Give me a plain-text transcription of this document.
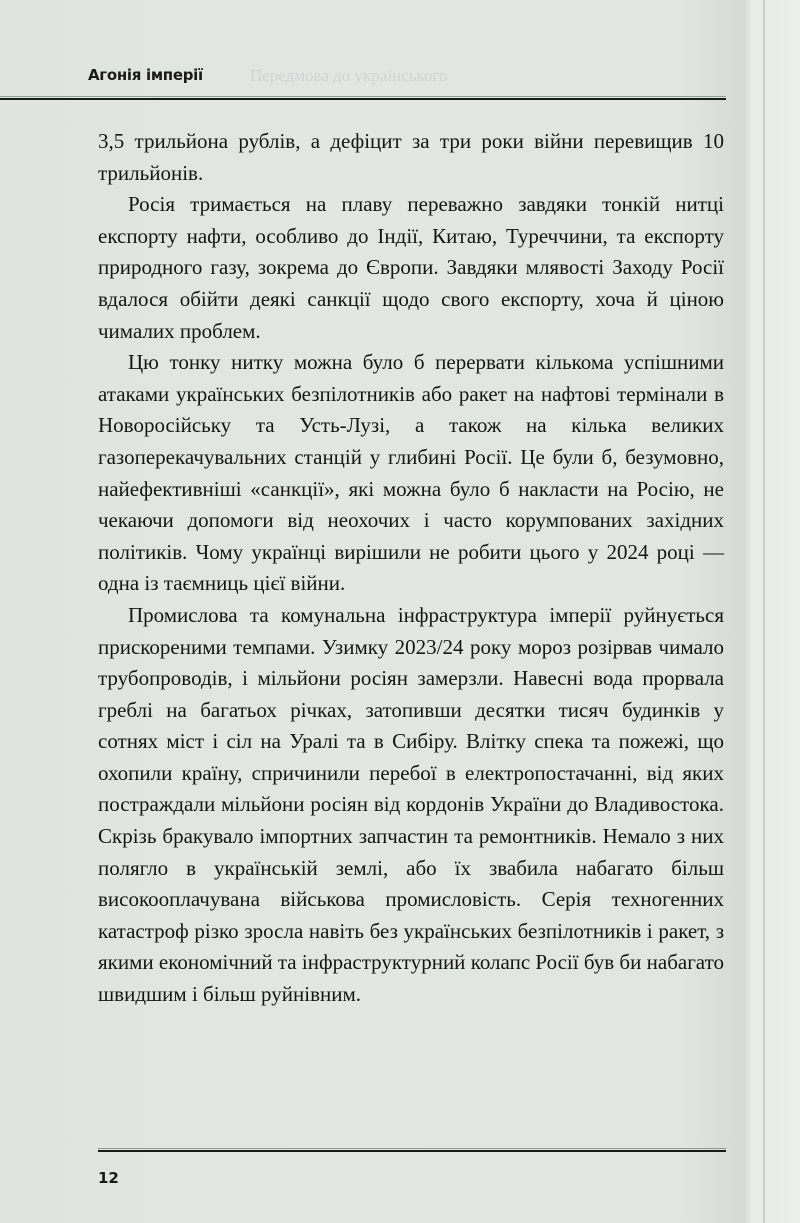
Передмова до українського
Агонія імперії

3,5 трильйона рублів, а дефіцит за три роки війни перевищив 10 трильйонів.

Росія тримається на плаву переважно завдяки тонкій нитці експорту нафти, особливо до Індії, Китаю, Туреччини, та експорту природного газу, зокрема до Європи. Завдяки млявості Заходу Росії вдалося обійти деякі санкції щодо свого експорту, хоча й ціною чималих проблем.

Цю тонку нитку можна було б перервати кількома успішними атаками українських безпілотників або ракет на нафтові термінали в Новоросійську та Усть-Лузі, а також на кілька великих газоперекачувальних станцій у глибині Росії. Це були б, безумовно, найефективніші «санкції», які можна було б накласти на Росію, не чекаючи допомоги від неохочих і часто корумпованих західних політиків. Чому українці вирішили не робити цього у 2024 році — одна із таємниць цієї війни.

Промислова та комунальна інфраструктура імперії руйнується прискореними темпами. Узимку 2023/24 року мороз розірвав чимало трубопроводів, і мільйони росіян замерзли. Навесні вода прорвала греблі на багатьох річках, затопивши десятки тисяч будинків у сотнях міст і сіл на Уралі та в Сибіру. Влітку спека та пожежі, що охопили країну, спричинили перебої в електропостачанні, від яких постраждали мільйони росіян від кордонів України до Владивостока. Скрізь бракувало імпортних запчастин та ремонтників. Немало з них полягло в українській землі, або їх звабила набагато більш високооплачувана військова промисловість. Серія техногенних катастроф різко зросла навіть без українських безпілотників і ракет, з якими економічний та інфраструктурний колапс Росії був би набагато швидшим і більш руйнівним.

12
